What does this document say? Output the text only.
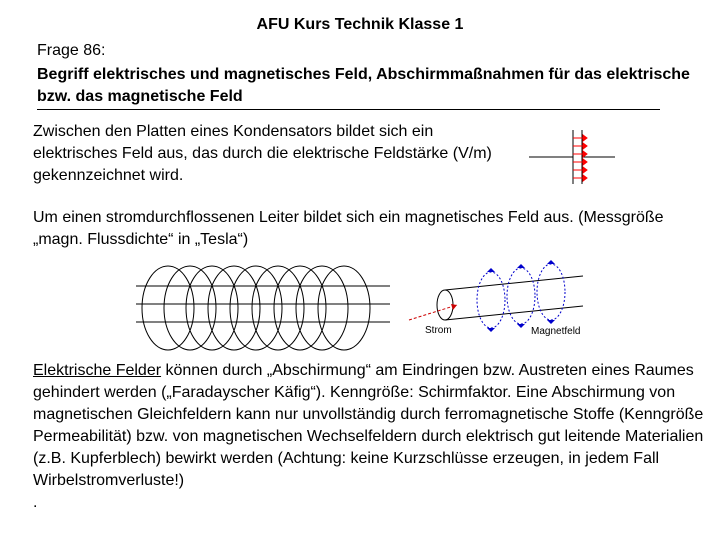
AFU Kurs Technik Klasse 1
Frage 86:
Begriff elektrisches und magnetisches Feld, Abschirmmaßnahmen für das elektrische bzw. das magnetische Feld
Zwischen den Platten eines Kondensators bildet sich ein elektrisches Feld aus, das durch die elektrische Feldstärke (V/m) gekennzeichnet wird.
Um einen stromdurchflossenen Leiter bildet sich ein magnetisches Feld aus. (Messgröße „magn. Flussdichte“ in „Tesla“)
Strom	Magnetfeld
Elektrische Felder können durch „Abschirmung“ am Eindringen bzw. Austreten eines Raumes gehindert werden („Faradayscher Käfig“). Kenngröße: Schirmfaktor. Eine Abschirmung von magnetischen Gleichfeldern kann nur unvollständig durch ferromagnetische Stoffe (Kenngröße Permeabilität) bzw. von magnetischen Wechselfeldern durch elektrisch gut leitende Materialien (z.B. Kupferblech) bewirkt werden (Achtung: keine Kurzschlüsse erzeugen, in jedem Fall Wirbelstromverluste!)
.
